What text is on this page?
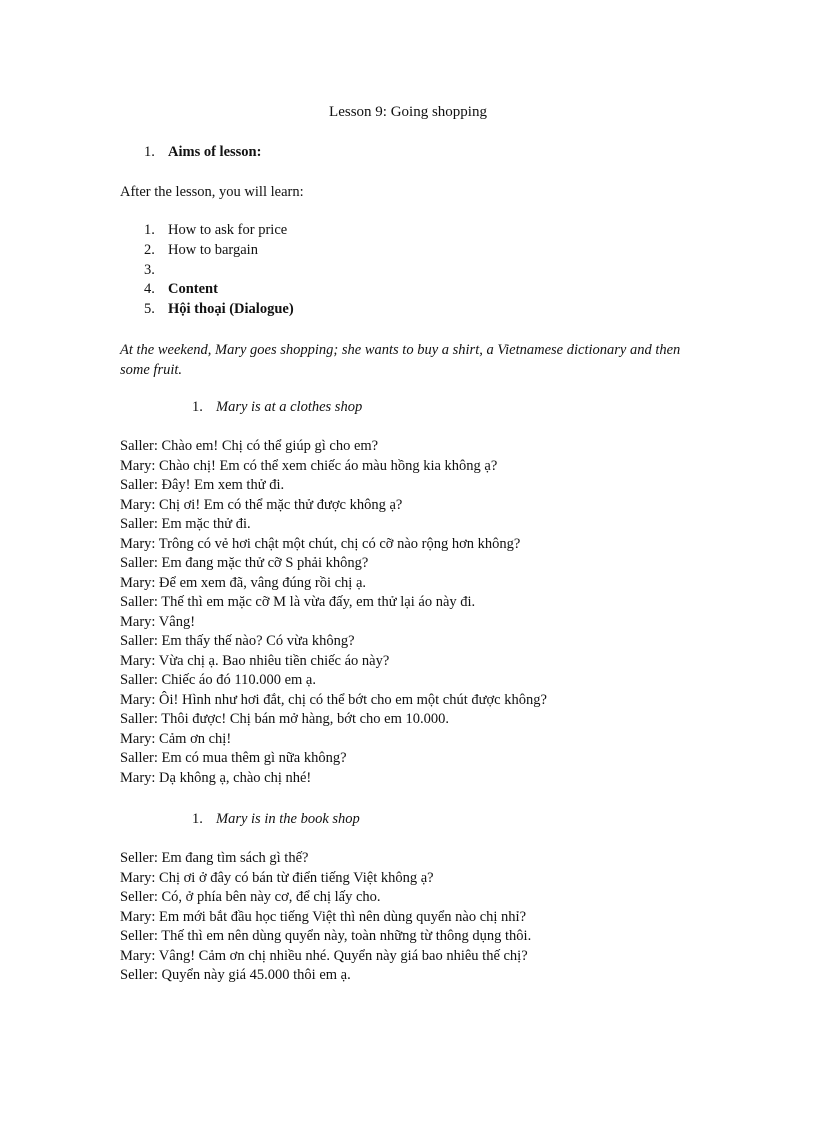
Lesson 9: Going shopping
1. Aims of lesson:

After the lesson, you will learn:

1. How to ask for price
2. How to bargain
3.
4. Content
5. Hội thoại (Dialogue)

At the weekend, Mary goes shopping; she wants to buy a shirt, a Vietnamese dictionary and then some fruit.

1. Mary is at a clothes shop
Saller: Chào em! Chị có thể giúp gì cho em?
Mary: Chào chị! Em có thể xem chiếc áo màu hồng kia không ạ?
Saller: Đây! Em xem thử đi.
Mary: Chị ơi! Em có thể mặc thử được không ạ?
Saller: Em mặc thử đi.
Mary: Trông có vẻ hơi chật một chút, chị có cỡ nào rộng hơn không?
Saller: Em đang mặc thử cỡ S phải không?
Mary: Để em xem đã, vâng đúng rồi chị ạ.
Saller: Thế thì em mặc cỡ M là vừa đấy, em thử lại áo này đi.
Mary: Vâng!
Saller: Em thấy thế nào? Có vừa không?
Mary: Vừa chị ạ. Bao nhiêu tiền chiếc áo này?
Saller: Chiếc áo đó 110.000 em ạ.
Mary: Ôi! Hình như hơi đắt, chị có thể bớt cho em một chút được không?
Saller: Thôi được! Chị bán mở hàng, bớt cho em 10.000.
Mary: Cảm ơn chị!
Saller: Em có mua thêm gì nữa không?
Mary: Dạ không ạ, chào chị nhé!
1. Mary is in the book shop
Seller: Em đang tìm sách gì thế?
Mary: Chị ơi ở đây có bán từ điển tiếng Việt không ạ?
Seller: Có, ở phía bên này cơ, để chị lấy cho.
Mary: Em mới bắt đầu học tiếng Việt thì nên dùng quyển nào chị nhỉ?
Seller: Thế thì em nên dùng quyển này, toàn những từ thông dụng thôi.
Mary: Vâng! Cảm ơn chị nhiều nhé. Quyển này giá bao nhiêu thế chị?
Seller: Quyển này giá 45.000 thôi em ạ.
